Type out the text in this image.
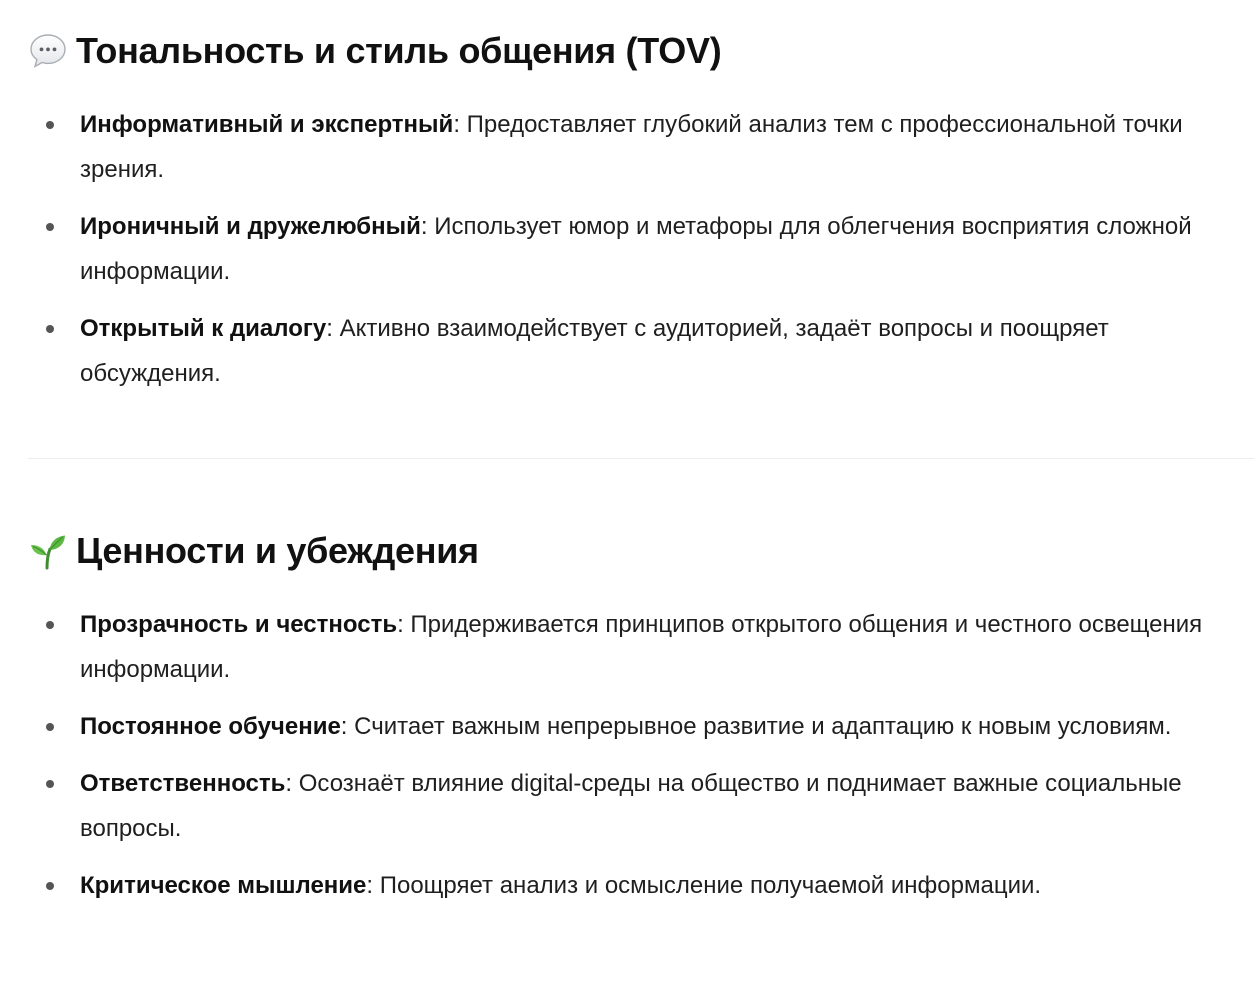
Тональность и стиль общения (TOV)
Информативный и экспертный: Предоставляет глубокий анализ тем с профессиональной точки зрения.
Ироничный и дружелюбный: Использует юмор и метафоры для облегчения восприятия сложной информации.
Открытый к диалогу: Активно взаимодействует с аудиторией, задаёт вопросы и поощряет обсуждения.
Ценности и убеждения
Прозрачность и честность: Придерживается принципов открытого общения и честного освещения информации.
Постоянное обучение: Считает важным непрерывное развитие и адаптацию к новым условиям.
Ответственность: Осознаёт влияние digital-среды на общество и поднимает важные социальные вопросы.
Критическое мышление: Поощряет анализ и осмысление получаемой информации.
